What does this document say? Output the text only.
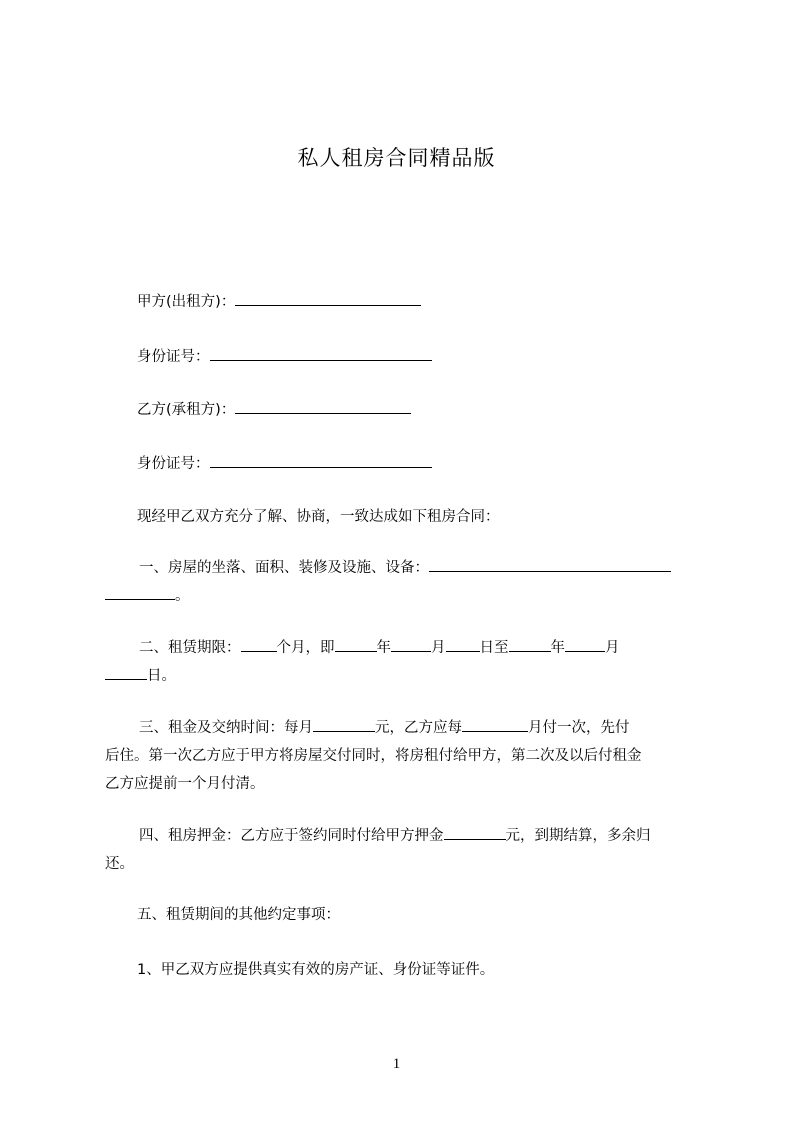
私人租房合同精品版
甲方(出租方)：
身份证号：
乙方(承租方)：
身份证号：
现经甲乙双方充分了解、协商，一致达成如下租房合同：
一、房屋的坐落、面积、装修及设施、设备：
。
二、租赁期限： 个月，即	年	月 日至	年	月
日。
三、租金及交纳时间：每月	元，乙方应每	月付一次，先付
后住。第一次乙方应于甲方将房屋交付同时，将房租付给甲方，第二次及以后付租金
乙方应提前一个月付清。
四、租房押金：乙方应于签约同时付给甲方押金	元，到期结算，多余归
还。
五、租赁期间的其他约定事项：
1、甲乙双方应提供真实有效的房产证、身份证等证件。
1
